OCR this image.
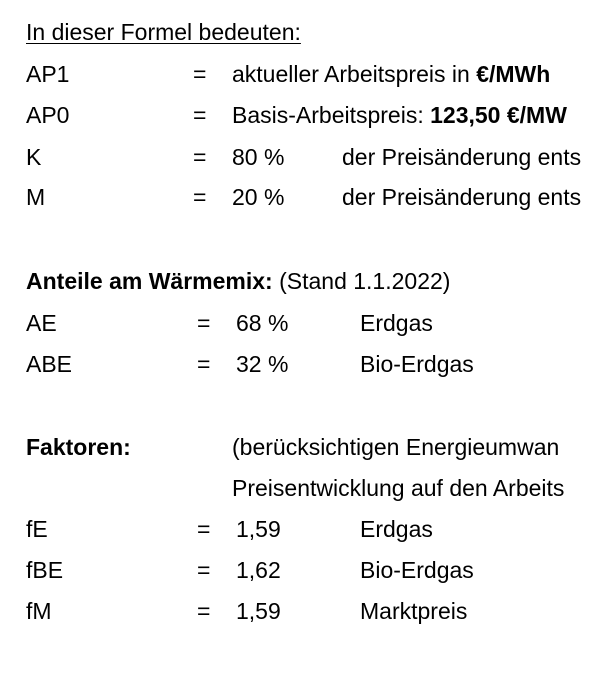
In dieser Formel bedeuten:
AP1	= aktueller Arbeitspreis in €/MWh
AP0	= Basis-Arbeitspreis: 123,50 €/MW
K	= 80 %	der Preisänderung ents
M	= 20 %	der Preisänderung ents
Anteile am Wärmemix: (Stand 1.1.2022)
AE	= 68 %	Erdgas
ABE	= 32 %	Bio-Erdgas
Faktoren:	(berücksichtigen Energieumwan
Preisentwicklung auf den Arbeits
fE	= 1,59	Erdgas
fBE	= 1,62	Bio-Erdgas
fM	= 1,59	Marktpreis
